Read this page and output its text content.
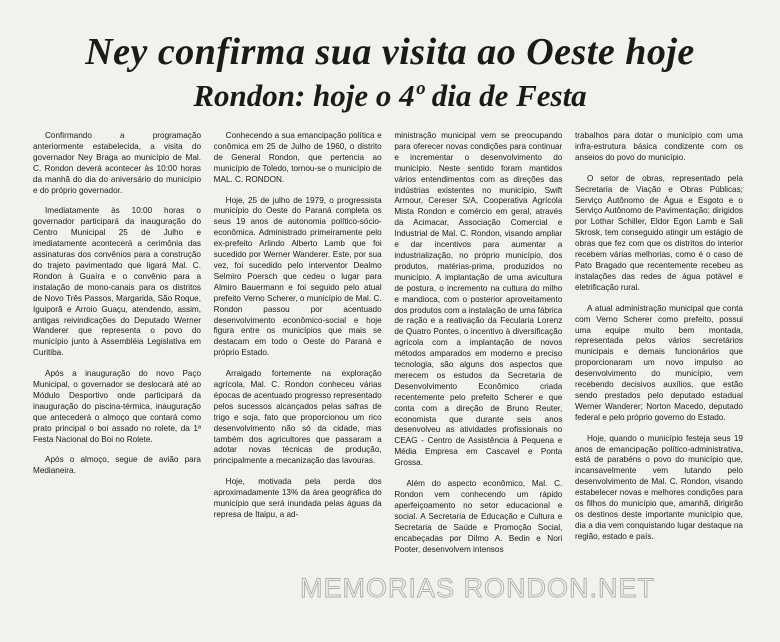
Ney confirma sua visita ao Oeste hoje
Rondon: hoje o 4º dia de Festa

Confirmando a programação anteriormente estabelecida, a visita do governador Ney Braga ao município de Mal. C. Rondon deverá acontecer às 10:00 horas da manhã do dia do aniversário do município e do próprio governador.

Imediatamente às 10:00 horas o governador participará da inauguração do Centro Municipal 25 de Julho e imediatamente acontecerá a cerimônia das assinaturas dos convênios para a construção do trajeto pavimentado que ligará Mal. C. Rondon à Guaíra e o convênio para a instalação de mono-canais para os distritos de Novo Três Passos, Margarida, São Roque, Iguiporã e Arroio Guaçu, atendendo, assim, antigas reivindicações do Deputado Werner Wanderer que representa o povo do município junto à Assembléia Legislativa em Curitiba.

Após a inauguração do novo Paço Municipal, o governador se deslocará até ao Módulo Desportivo onde participará da inauguração do piscina-térmica, inauguração que antecederá o almoço que contará como prato principal o boi assado no rolete, da 1ª Festa Nacional do Boi no Rolete.

Após o almoço, segue de avião para Medianeira.

Conhecendo a sua emancipação política e conômica em 25 de Julho de 1960, o distrito de General Rondon, que pertencia ao município de Toledo, tornou-se o município de MAL. C. RONDON.

Hoje, 25 de julho de 1979, o progressista município do Oeste do Paraná completa os seus 19 anos de autonomia político-sócio-econômica. Administrado primeiramente pelo ex-prefeito Arlindo Alberto Lamb que foi sucedido por Werner Wanderer. Este, por sua vez, foi sucedido pelo interventor Dealmo Selmiro Poersch que cedeu o lugar para Almiro Bauermann e foi seguido pelo atual prefeito Verno Scherer, o município de Mal. C. Rondon passou por acentuado desenvolvimento econômico-social e hoje figura entre os municípios que mais se destacam em todo o Oeste do Paraná e próprio Estado.

Arraigado fortemente na exploração agrícola, Mal. C. Rondon conheceu várias épocas de acentuado progresso representado pelos sucessos alcançados pelas safras de trigo e soja, fato que proporcionou um rico desenvolvimento não só da cidade, mas também dos agricultores que passaram a adotar novas técnicas de produção, principalmente a mecanização das lavouras.

Hoje, motivada pela perda dos aproximadamente 13% da área geográfica do município que será inundada pelas águas da represa de Itaipu, a ad-

ministração municipal vem se preocupando para oferecer novas condições para continuar e incrementar o desenvolvimento do município. Neste sentido foram mantidos vários entendimentos com as direções das indústrias existentes no município, Swift Armour, Cereser S/A, Cooperativa Agrícola Mista Rondon e comércio em geral, através da Acimacar, Associação Comercial e Industrial de Mal. C. Rondon, visando ampliar e dar incentivos para aumentar a industrialização, no próprio município, dos produtos, matérias-prima, produzidos no município. A implantação de uma avicultura de postura, o incremento na cultura do milho e mandioca, com o posterior aproveitamento dos produtos com a instalação de uma fábrica de ração e a reativação da Fecularia Lorenz de Quatro Pontes, o incentivo à diversificação agrícola com a implantação de novos métodos amparados em moderno e preciso tecnologia, são alguns dos aspectos que merecem os estudos da Secretaria de Desenvolvimento Econômico criada recentemente pelo prefeito Scherer e que conta com a direção de Bruno Reuter, economista que durante seis anos desenvolveu as atividades profissionais no CEAG - Centro de Assistência à Pequena e Média Empresa em Cascavel e Ponta Grossa.

Além do aspecto econômico, Mal. C. Rondon vem conhecendo um rápido aperfeiçoamento no setor educacional e social. A Secretaria de Educação e Cultura e Secretaria de Saúde e Promoção Social, encabeçadas por Dilmo A. Bedin e Nori Pooter, desenvolvem intensos

trabalhos para dotar o município com uma infra-estrutura básica condizente com os anseios do povo do município.

O setor de obras, representado pela Secretaria de Viação e Obras Públicas; Serviço Autônomo de Água e Esgoto e o Serviço Autônomo de Pavimentação; dirigidos por Lothar Schiller, Eldor Egon Lamb e Sali Skrosk, tem conseguido atingir um estágio de obras que fez com que os distritos do interior recebem várias melhorias, como é o caso de Pato Bragado que recentemente recebeu as instalações das redes de água potável e eletrificação rural.

A atual administração municipal que conta com Verno Scherer como prefeito, possui uma equipe muito bem montada, representada pelos vários secretários municipais e demais funcionários que proporcionaram um novo impulso ao desenvolvimento do município, vem recebendo decisivos auxílios, que estão sendo prestados pelo deputado estadual Werner Wanderer; Norton Macedo, deputado federal e pelo próprio governo do Estado.

Hoje, quando o município festeja seus 19 anos de emancipação político-administrativa, está de parabéns o povo do município que, incansavelmente vem lutando pelo desenvolvimento de Mal. C. Rondon, visando estabelecer novas e melhores condições para os filhos do município que, amanhã, dirigirão os destinos deste importante município que, dia a dia vem conquistando lugar destaque na região, estado e país.

MEMORIAS RONDON.NET
